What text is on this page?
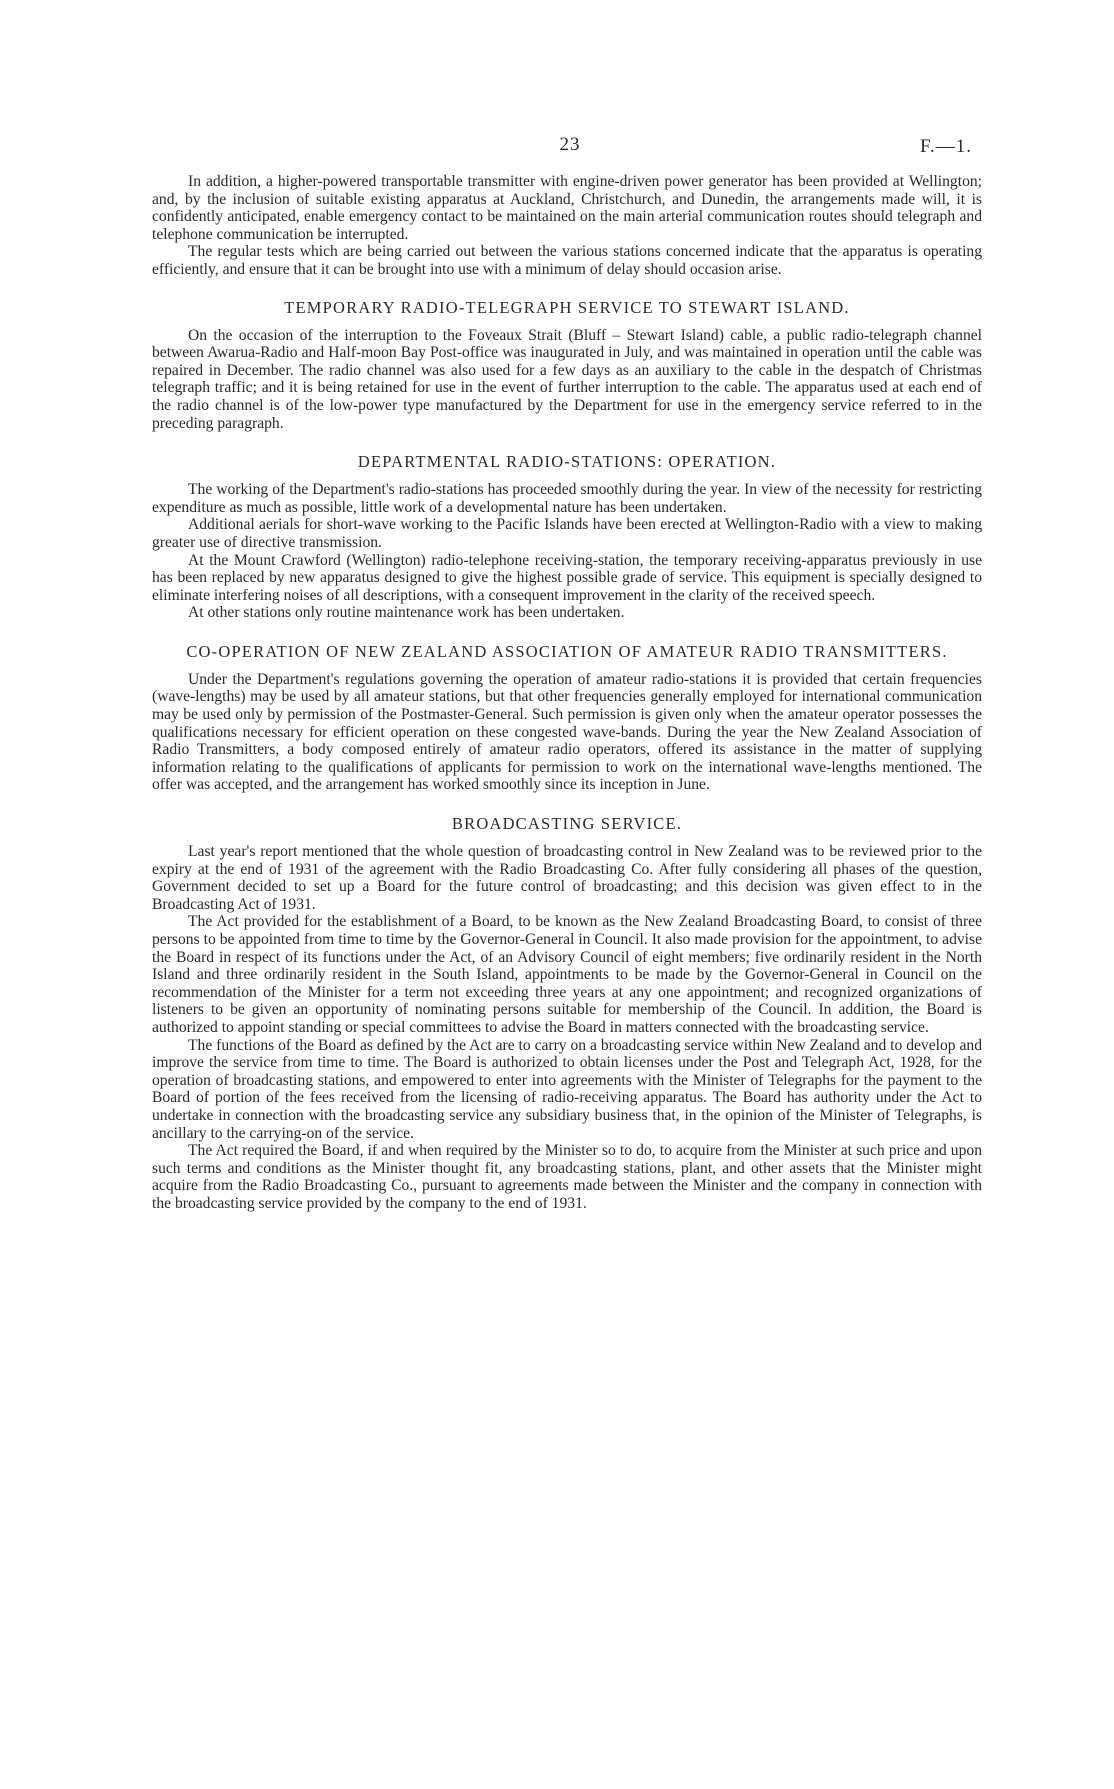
23	F.—1.

In addition, a higher-powered transportable transmitter with engine-driven power generator has been provided at Wellington; and, by the inclusion of suitable existing apparatus at Auckland, Christchurch, and Dunedin, the arrangements made will, it is confidently anticipated, enable emergency contact to be maintained on the main arterial communication routes should telegraph and telephone communication be interrupted.

The regular tests which are being carried out between the various stations concerned indicate that the apparatus is operating efficiently, and ensure that it can be brought into use with a minimum of delay should occasion arise.

TEMPORARY RADIO-TELEGRAPH SERVICE TO STEWART ISLAND.

On the occasion of the interruption to the Foveaux Strait (Bluff – Stewart Island) cable, a public radio-telegraph channel between Awarua-Radio and Half-moon Bay Post-office was inaugurated in July, and was maintained in operation until the cable was repaired in December. The radio channel was also used for a few days as an auxiliary to the cable in the despatch of Christmas telegraph traffic; and it is being retained for use in the event of further interruption to the cable. The apparatus used at each end of the radio channel is of the low-power type manufactured by the Department for use in the emergency service referred to in the preceding paragraph.

DEPARTMENTAL RADIO-STATIONS: OPERATION.

The working of the Department's radio-stations has proceeded smoothly during the year. In view of the necessity for restricting expenditure as much as possible, little work of a developmental nature has been undertaken.

Additional aerials for short-wave working to the Pacific Islands have been erected at Wellington-Radio with a view to making greater use of directive transmission.

At the Mount Crawford (Wellington) radio-telephone receiving-station, the temporary receiving-apparatus previously in use has been replaced by new apparatus designed to give the highest possible grade of service. This equipment is specially designed to eliminate interfering noises of all descriptions, with a consequent improvement in the clarity of the received speech.

At other stations only routine maintenance work has been undertaken.

CO-OPERATION OF NEW ZEALAND ASSOCIATION OF AMATEUR RADIO TRANSMITTERS.

Under the Department's regulations governing the operation of amateur radio-stations it is provided that certain frequencies (wave-lengths) may be used by all amateur stations, but that other frequencies generally employed for international communication may be used only by permission of the Postmaster-General. Such permission is given only when the amateur operator possesses the qualifications necessary for efficient operation on these congested wave-bands. During the year the New Zealand Association of Radio Transmitters, a body composed entirely of amateur radio operators, offered its assistance in the matter of supplying information relating to the qualifications of applicants for permission to work on the international wave-lengths mentioned. The offer was accepted, and the arrangement has worked smoothly since its inception in June.

BROADCASTING SERVICE.

Last year's report mentioned that the whole question of broadcasting control in New Zealand was to be reviewed prior to the expiry at the end of 1931 of the agreement with the Radio Broadcasting Co. After fully considering all phases of the question, Government decided to set up a Board for the future control of broadcasting; and this decision was given effect to in the Broadcasting Act of 1931.

The Act provided for the establishment of a Board, to be known as the New Zealand Broadcasting Board, to consist of three persons to be appointed from time to time by the Governor-General in Council. It also made provision for the appointment, to advise the Board in respect of its functions under the Act, of an Advisory Council of eight members; five ordinarily resident in the North Island and three ordinarily resident in the South Island, appointments to be made by the Governor-General in Council on the recommendation of the Minister for a term not exceeding three years at any one appointment; and recognized organizations of listeners to be given an opportunity of nominating persons suitable for membership of the Council. In addition, the Board is authorized to appoint standing or special committees to advise the Board in matters connected with the broadcasting service.

The functions of the Board as defined by the Act are to carry on a broadcasting service within New Zealand and to develop and improve the service from time to time. The Board is authorized to obtain licenses under the Post and Telegraph Act, 1928, for the operation of broadcasting stations, and empowered to enter into agreements with the Minister of Telegraphs for the payment to the Board of portion of the fees received from the licensing of radio-receiving apparatus. The Board has authority under the Act to undertake in connection with the broadcasting service any subsidiary business that, in the opinion of the Minister of Telegraphs, is ancillary to the carrying-on of the service.

The Act required the Board, if and when required by the Minister so to do, to acquire from the Minister at such price and upon such terms and conditions as the Minister thought fit, any broadcasting stations, plant, and other assets that the Minister might acquire from the Radio Broadcasting Co., pursuant to agreements made between the Minister and the company in connection with the broadcasting service provided by the company to the end of 1931.
